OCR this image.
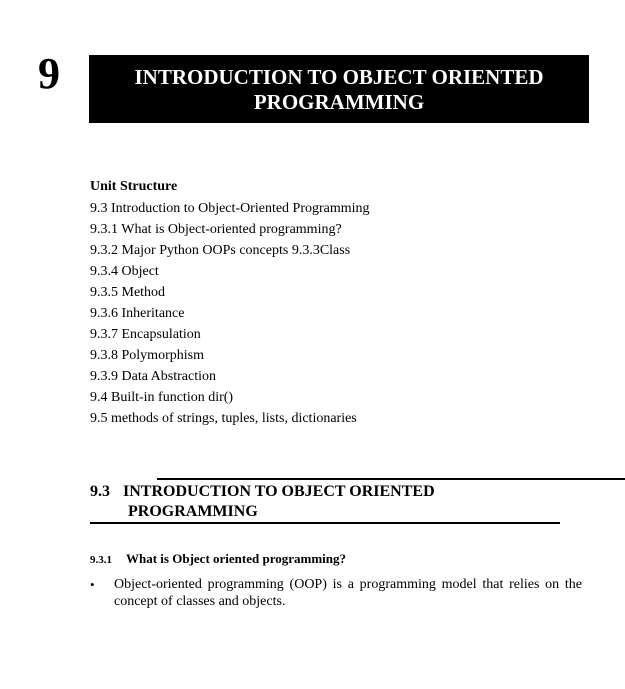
9	INTRODUCTION TO OBJECT ORIENTED
PROGRAMMING
Unit Structure
9.3 Introduction to Object-Oriented Programming
9.3.1 What is Object-oriented programming?
9.3.2 Major Python OOPs concepts 9.3.3Class
9.3.4 Object
9.3.5 Method
9.3.6 Inheritance
9.3.7 Encapsulation
9.3.8 Polymorphism
9.3.9 Data Abstraction
9.4 Built-in function dir()
9.5 methods of strings, tuples, lists, dictionaries
9.3 INTRODUCTION TO OBJECT ORIENTED
PROGRAMMING
9.3.1 What is Object oriented programming?
•	Object-oriented programming (OOP) is a programming model that relies on the concept of classes and objects.
